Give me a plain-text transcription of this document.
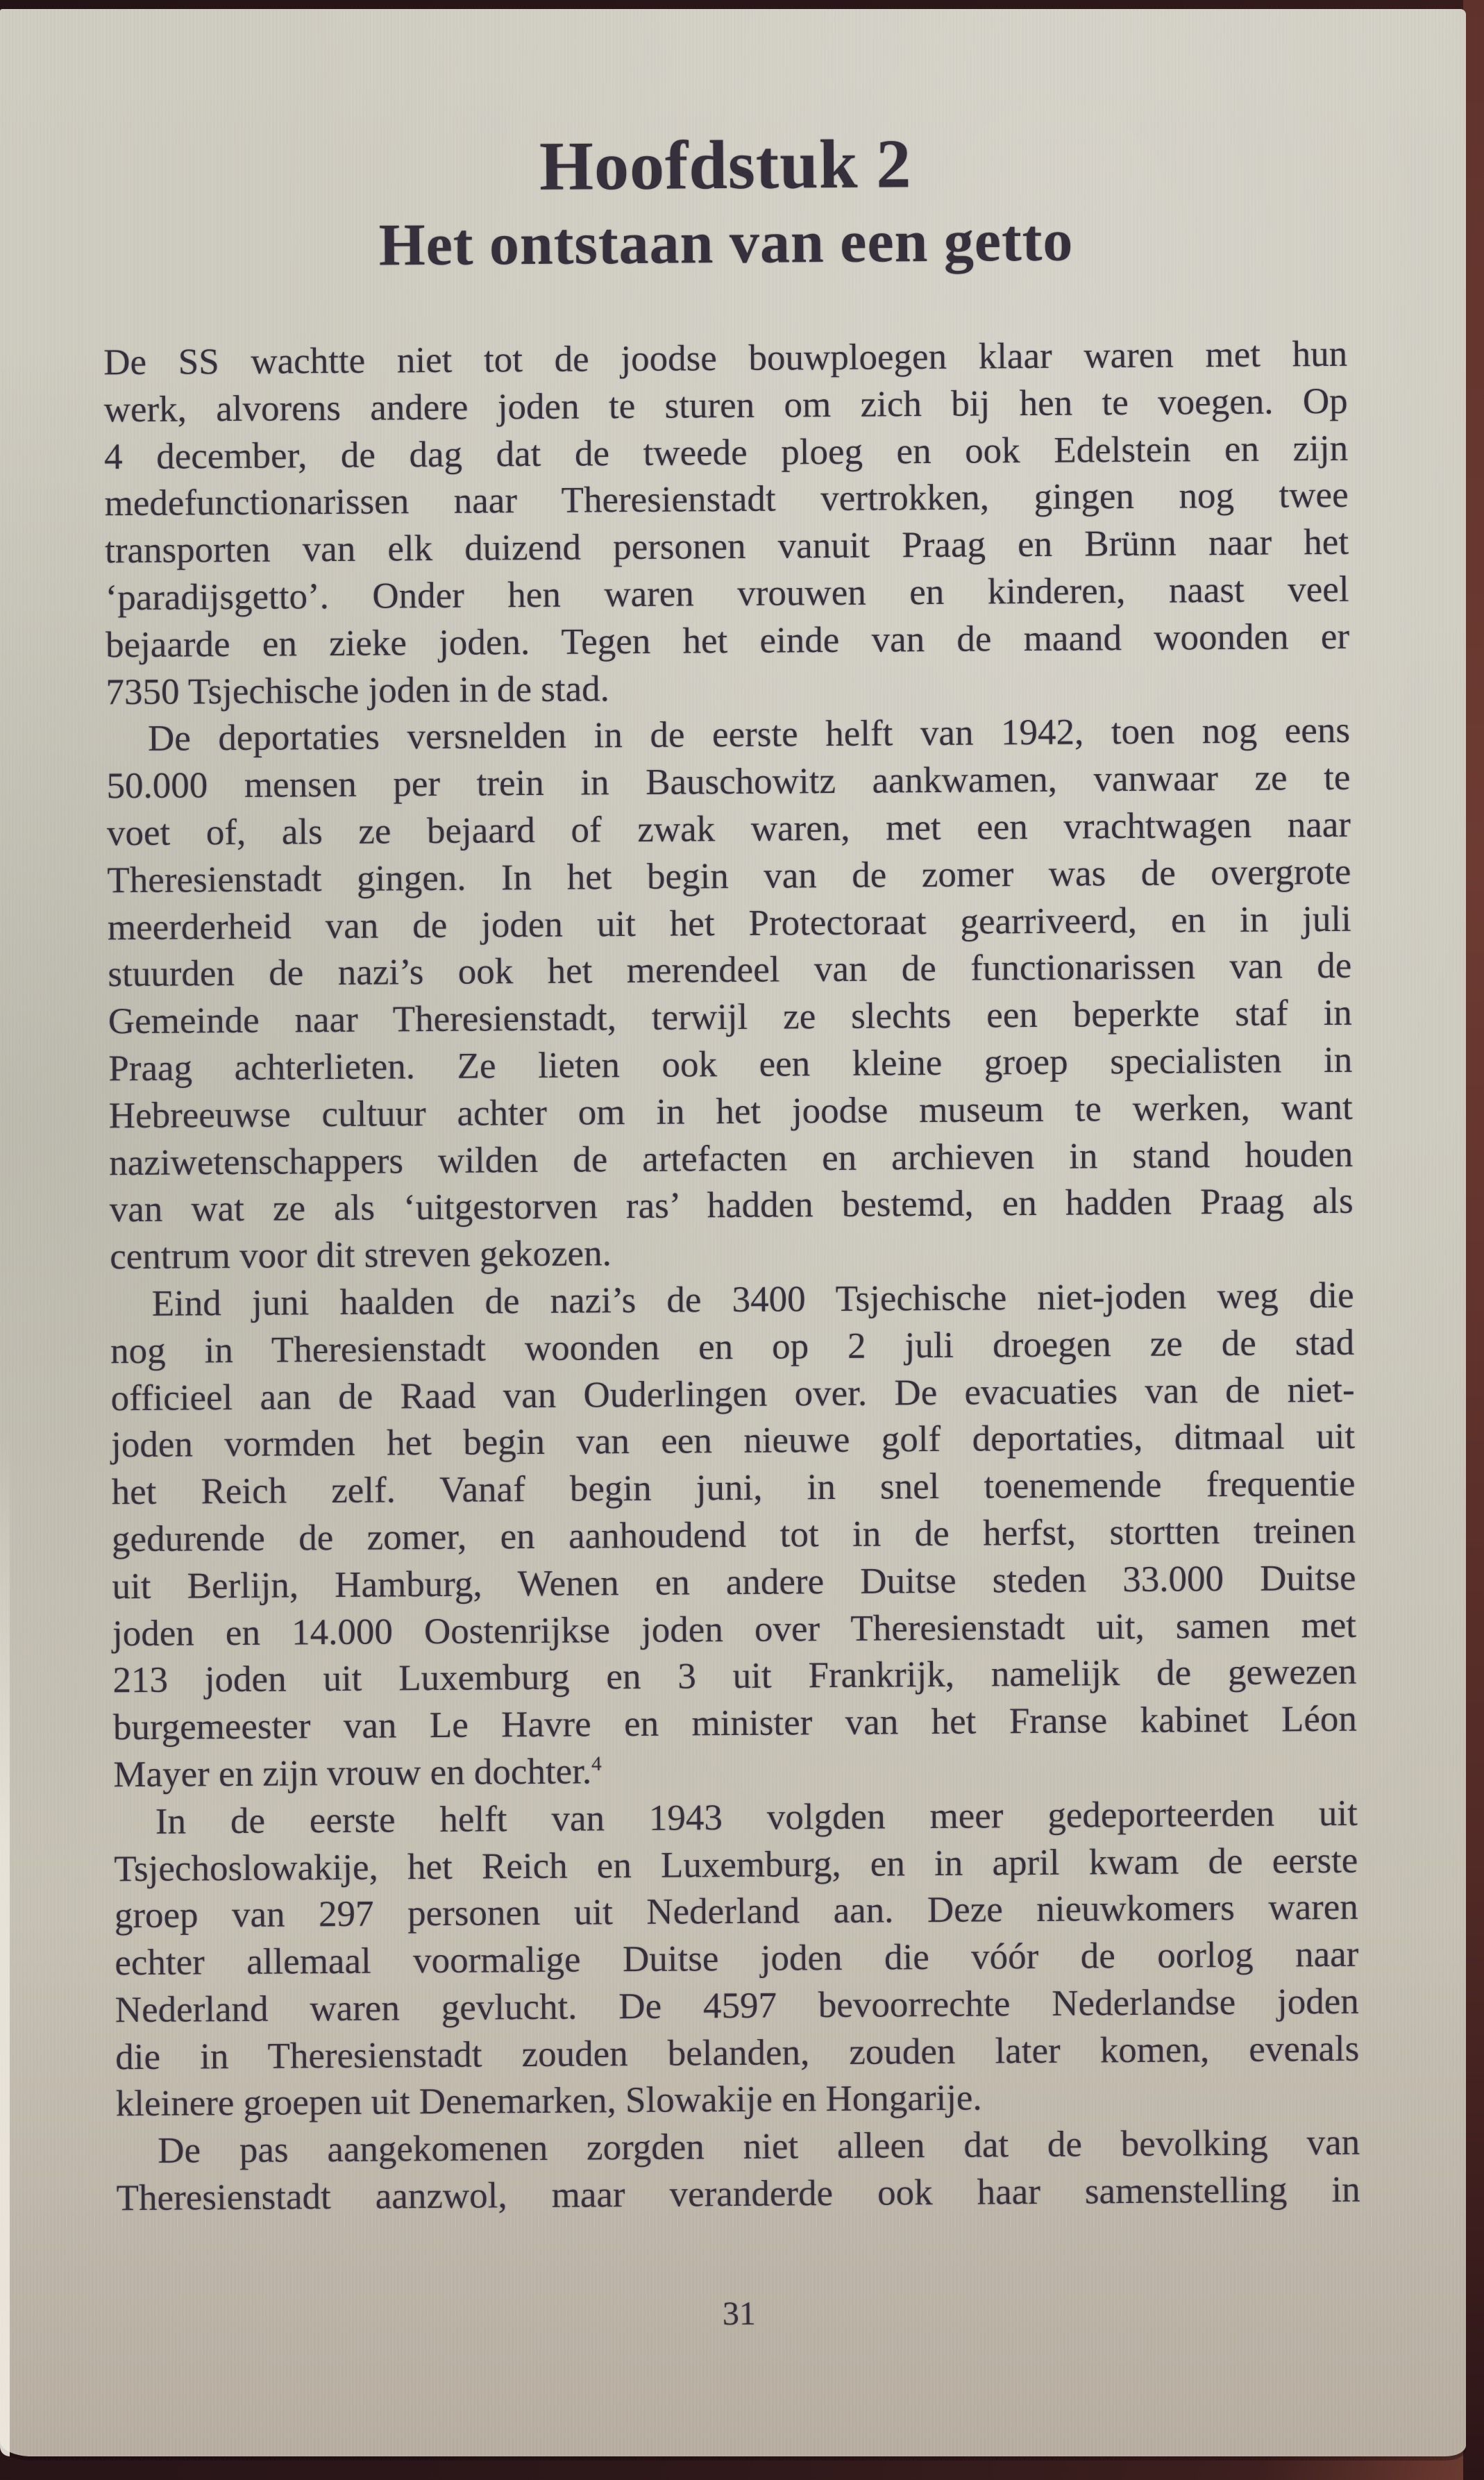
Hoofdstuk 2
Het ontstaan van een getto
De SS wachtte niet tot de joodse bouwploegen klaar waren met hun
werk, alvorens andere joden te sturen om zich bij hen te voegen. Op
4 december, de dag dat de tweede ploeg en ook Edelstein en zijn
medefunctionarissen naar Theresienstadt vertrokken, gingen nog twee
transporten van elk duizend personen vanuit Praag en Brünn naar het
‘paradijsgetto’. Onder hen waren vrouwen en kinderen, naast veel
bejaarde en zieke joden. Tegen het einde van de maand woonden er
7350 Tsjechische joden in de stad.
De deportaties versnelden in de eerste helft van 1942, toen nog eens
50.000 mensen per trein in Bauschowitz aankwamen, vanwaar ze te
voet of, als ze bejaard of zwak waren, met een vrachtwagen naar
Theresienstadt gingen. In het begin van de zomer was de overgrote
meerderheid van de joden uit het Protectoraat gearriveerd, en in juli
stuurden de nazi’s ook het merendeel van de functionarissen van de
Gemeinde naar Theresienstadt, terwijl ze slechts een beperkte staf in
Praag achterlieten. Ze lieten ook een kleine groep specialisten in
Hebreeuwse cultuur achter om in het joodse museum te werken, want
naziwetenschappers wilden de artefacten en archieven in stand houden
van wat ze als ‘uitgestorven ras’ hadden bestemd, en hadden Praag als
centrum voor dit streven gekozen.
Eind juni haalden de nazi’s de 3400 Tsjechische niet-joden weg die
nog in Theresienstadt woonden en op 2 juli droegen ze de stad
officieel aan de Raad van Ouderlingen over. De evacuaties van de niet-
joden vormden het begin van een nieuwe golf deportaties, ditmaal uit
het Reich zelf. Vanaf begin juni, in snel toenemende frequentie
gedurende de zomer, en aanhoudend tot in de herfst, stortten treinen
uit Berlijn, Hamburg, Wenen en andere Duitse steden 33.000 Duitse
joden en 14.000 Oostenrijkse joden over Theresienstadt uit, samen met
213 joden uit Luxemburg en 3 uit Frankrijk, namelijk de gewezen
burgemeester van Le Havre en minister van het Franse kabinet Léon
Mayer en zijn vrouw en dochter.$^4$
In de eerste helft van 1943 volgden meer gedeporteerden uit
Tsjechoslowakije, het Reich en Luxemburg, en in april kwam de eerste
groep van 297 personen uit Nederland aan. Deze nieuwkomers waren
echter allemaal voormalige Duitse joden die vóór de oorlog naar
Nederland waren gevlucht. De 4597 bevoorrechte Nederlandse joden
die in Theresienstadt zouden belanden, zouden later komen, evenals
kleinere groepen uit Denemarken, Slowakije en Hongarije.
De pas aangekomenen zorgden niet alleen dat de bevolking van
Theresienstadt aanzwol, maar veranderde ook haar samenstelling in
31
